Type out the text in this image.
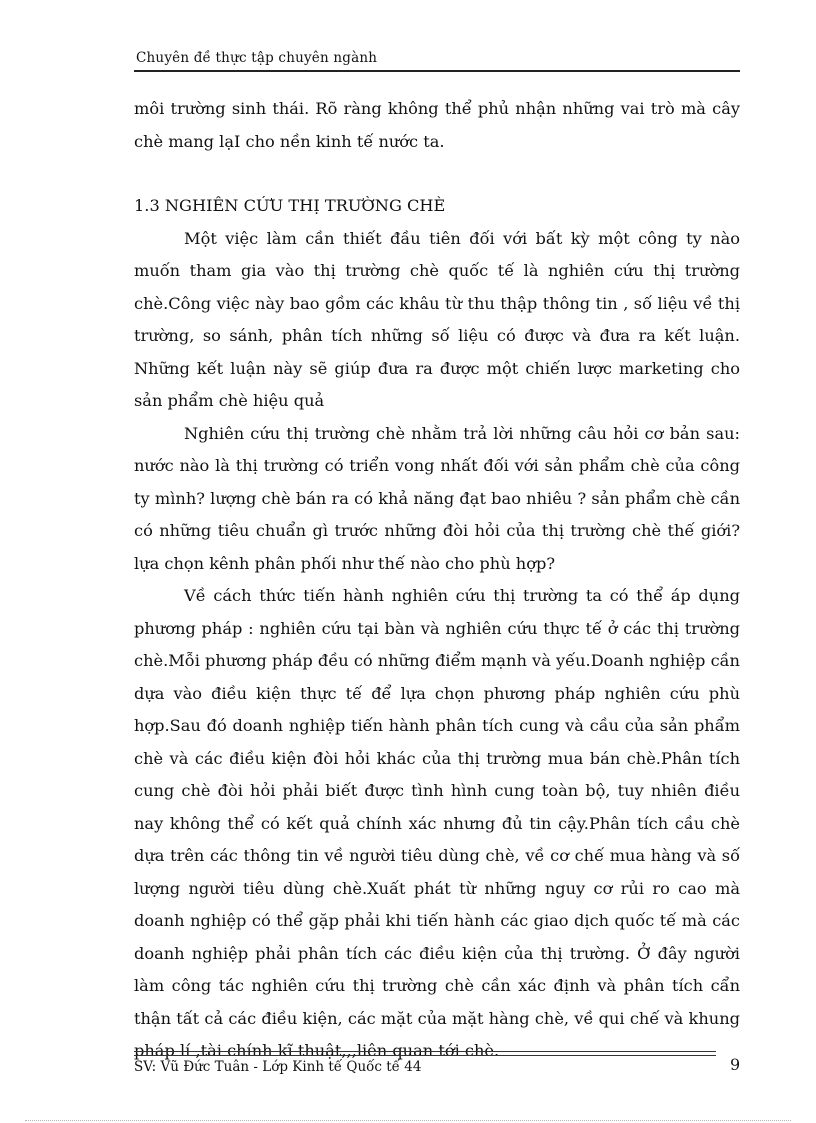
Chuyên đề thực tập chuyên ngành

môi trường sinh thái. Rõ ràng không thể phủ nhận những vai trò mà cây chè mang lạI cho nền kinh tế nước ta.

1.3 NGHIÊN CỨU THỊ TRƯỜNG CHÈ

Một việc làm cần thiết đầu tiên đối với bất kỳ một công ty nào muốn tham gia vào thị trường chè quốc tế là nghiên cứu thị trường chè.Công việc này bao gồm các khâu từ thu thập thông tin , số liệu về thị trường, so sánh, phân tích những số liệu có được và đưa ra kết luận. Những kết luận này sẽ giúp đưa ra được một chiến lược marketing cho sản phẩm chè hiệu quả

Nghiên cứu thị trường chè nhằm trả lời những câu hỏi cơ bản sau: nước nào là thị trường có triển vong nhất đối với sản phẩm chè của công ty mình? lượng chè bán ra có khả năng đạt bao nhiêu ? sản phẩm chè cần có những tiêu chuẩn gì trước những đòi hỏi của thị trường chè thế giới? lựa chọn kênh phân phối như thế nào cho phù hợp?

Về cách thức tiến hành nghiên cứu thị trường ta có thể áp dụng phương pháp : nghiên cứu tại bàn và nghiên cứu thực tế ở các thị trường chè.Mỗi phương pháp đều có những điểm mạnh và yếu.Doanh nghiệp cần dựa vào điều kiện thực tế để lựa chọn phương pháp nghiên cứu phù hợp.Sau đó doanh nghiệp tiến hành phân tích cung và cầu của sản phẩm chè và các điều kiện đòi hỏi khác của thị trường mua bán chè.Phân tích cung chè đòi hỏi phải biết được tình hình cung toàn bộ, tuy nhiên điều nay không thể có kết quả chính xác nhưng đủ tin cậy.Phân tích cầu chè dựa trên các thông tin về người tiêu dùng chè, về cơ chế mua hàng và số lượng người tiêu dùng chè.Xuất phát từ những nguy cơ rủi ro cao mà doanh nghiệp có thể gặp phải khi tiến hành các giao dịch quốc tế mà các doanh nghiệp phải phân tích các điều kiện của thị trường. Ở đây người làm công tác nghiên cứu thị trường chè cần xác định và phân tích cẩn thận tất cả các điều kiện, các mặt của mặt hàng chè, về qui chế và khung pháp lí ,tài chính kĩ thuật,,,liên quan tới chè.

SV: Vũ Đức Tuân - Lớp Kinh tế Quốc tế 44	9
